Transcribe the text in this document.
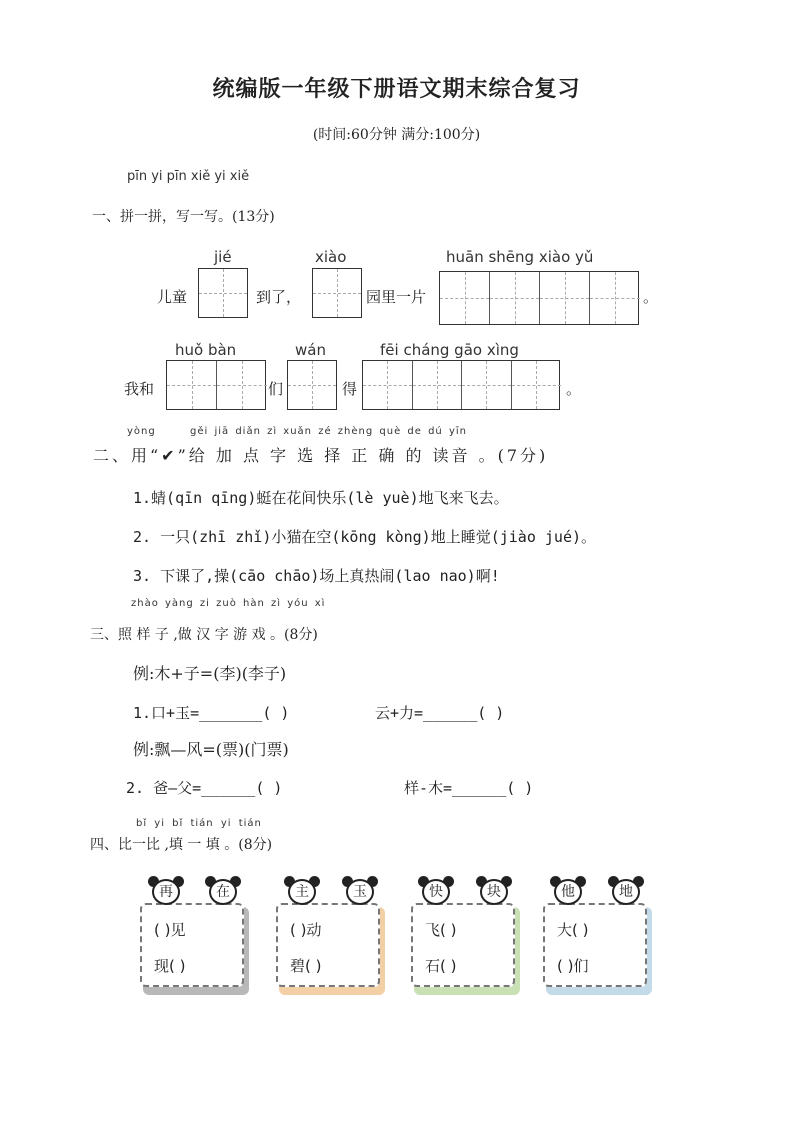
统编版一年级下册语文期末综合复习
(时间:60分钟 满分:100分)
pīn yi pīn xiě yi xiě
一、拼一拼，写一写。(13分)
jié	xiào	huān shēng xiào yǔ
儿童	到了，	园里一片	。
huǒ bàn	wán	fēi cháng gāo xìng
我和	们	得	。
yòng	gěi jiā diǎn zì xuǎn zé zhèng què de dú yīn
二、用“✔”给 加 点 字 选 择 正 确 的 读音 。(7分)
1.蜻(qīn qīng)蜓在花间快乐(lè yuè)地飞来飞去。
2. 一只(zhī zhǐ)小猫在空(kōng kòng)地上睡觉(jiào jué)。
3. 下课了,操(cāo chāo)场上真热闹(lao nao)啊!
zhào yàng zi zuò hàn zì yóu xì
三、照 样 子 ,做 汉 字 游 戏 。(8分)
例:木+子=(李)(李子)
1.口+玉=_______( )	云+力=______( )
例:飘—风=(票)(门票)
2. 爸—父=______( )	样-木=______( )
bǐ yi bǐ tián yi tián
四、比一比 ,填 一 填 。(8分)
( )见
现( )
再	在
( )动
碧( )
主	玉
飞( )
石( )
快	块
大( )
( )们
他	地
